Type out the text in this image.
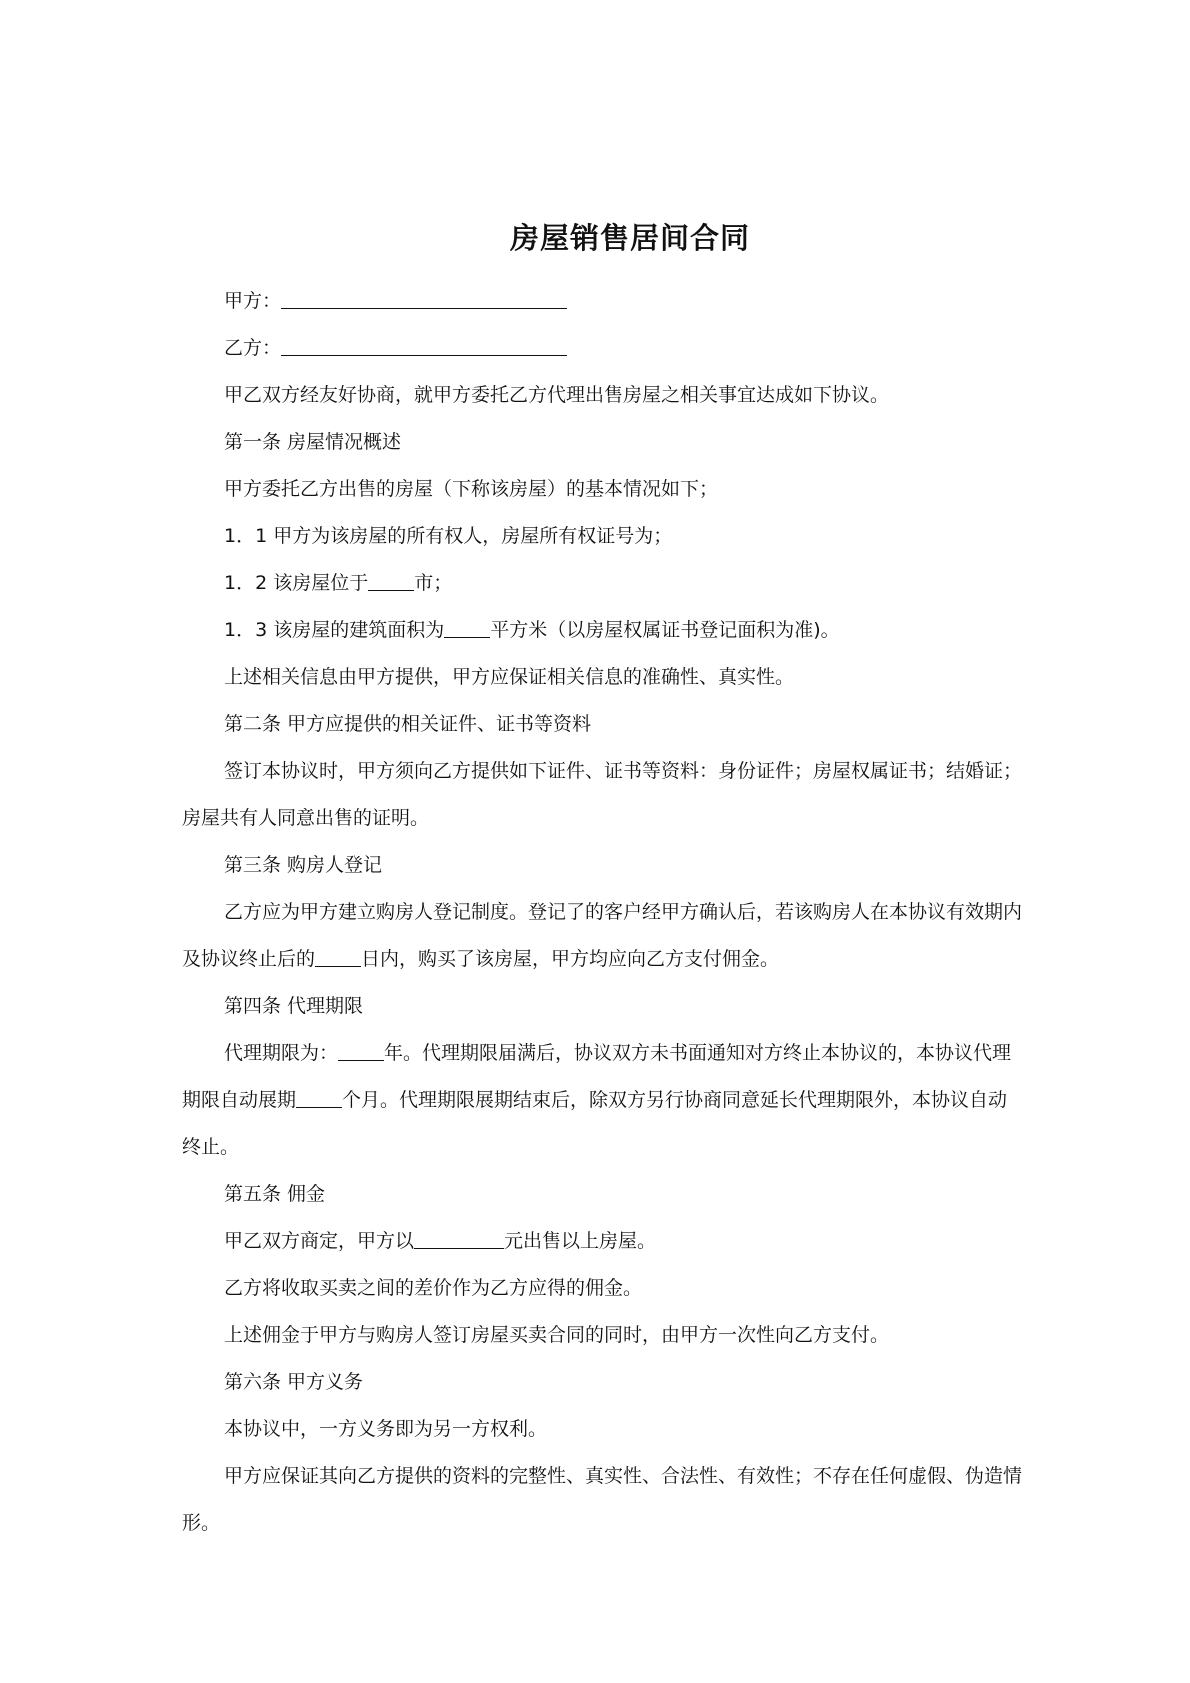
房屋销售居间合同

甲方：

乙方：

甲乙双方经友好协商，就甲方委托乙方代理出售房屋之相关事宜达成如下协议。

第一条 房屋情况概述

甲方委托乙方出售的房屋（下称该房屋）的基本情况如下；

1．1 甲方为该房屋的所有权人，房屋所有权证号为；

1．2 该房屋位于 市；

1．3 该房屋的建筑面积为 平方米（以房屋权属证书登记面积为准)。

上述相关信息由甲方提供，甲方应保证相关信息的准确性、真实性。

第二条 甲方应提供的相关证件、证书等资料

签订本协议时，甲方须向乙方提供如下证件、证书等资料：身份证件；房屋权属证书；结婚证；房屋共有人同意出售的证明。

第三条 购房人登记

乙方应为甲方建立购房人登记制度。登记了的客户经甲方确认后，若该购房人在本协议有效期内及协议终止后的 日内，购买了该房屋，甲方均应向乙方支付佣金。

第四条 代理期限

代理期限为： 年。代理期限届满后，协议双方未书面通知对方终止本协议的，本协议代理期限自动展期 个月。代理期限展期结束后，除双方另行协商同意延长代理期限外，本协议自动终止。

第五条 佣金

甲乙双方商定，甲方以	元出售以上房屋。

乙方将收取买卖之间的差价作为乙方应得的佣金。

上述佣金于甲方与购房人签订房屋买卖合同的同时，由甲方一次性向乙方支付。

第六条 甲方义务

本协议中，一方义务即为另一方权利。

甲方应保证其向乙方提供的资料的完整性、真实性、合法性、有效性；不存在任何虚假、伪造情形。
